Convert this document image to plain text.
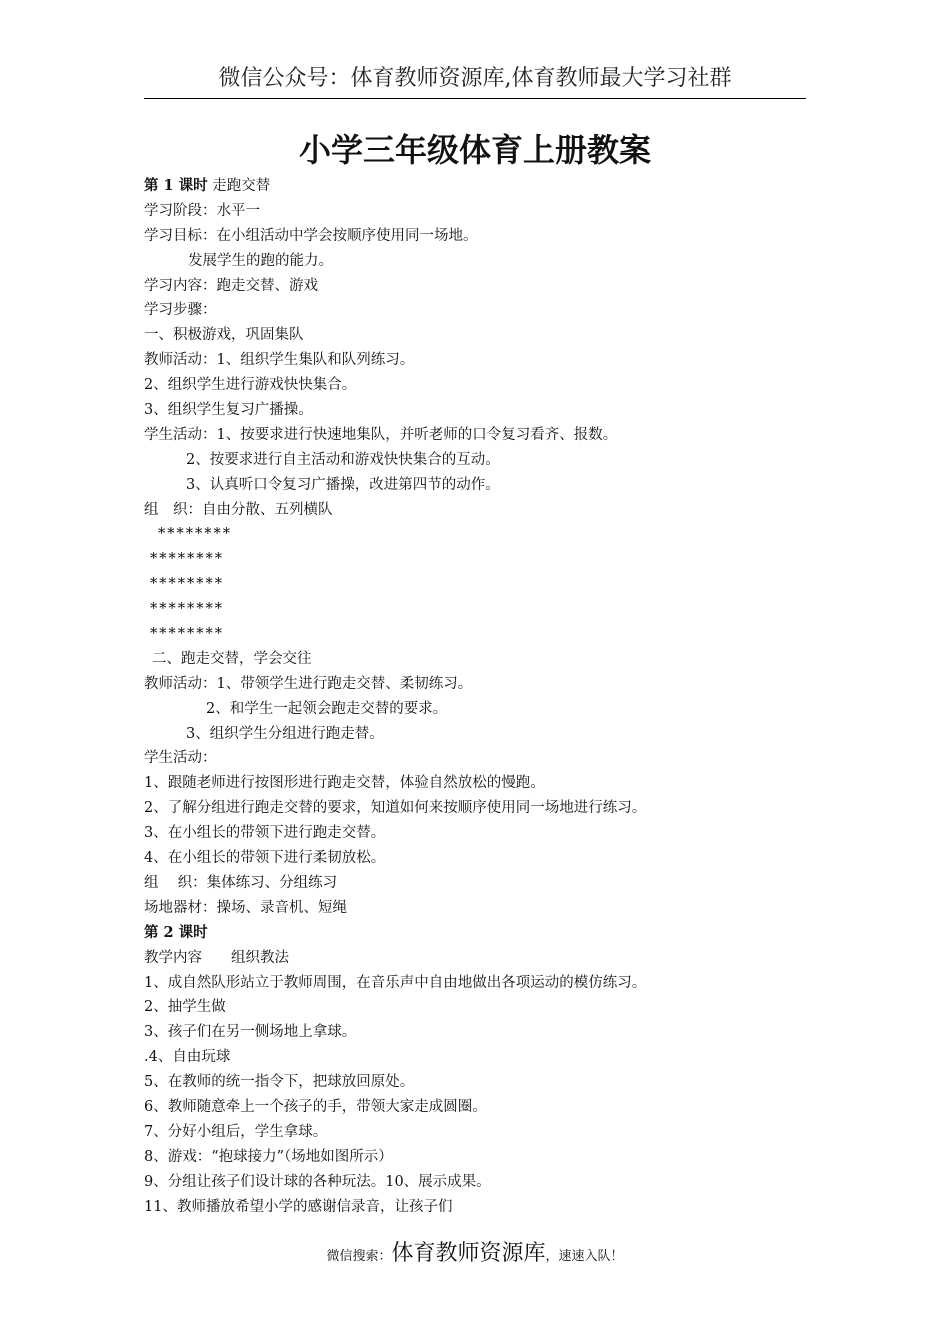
微信公众号：体育教师资源库,体育教师最大学习社群
小学三年级体育上册教案
第 1 课时 走跑交替
学习阶段：水平一
学习目标：在小组活动中学会按顺序使用同一场地。
发展学生的跑的能力。
学习内容：跑走交替、游戏
学习步骤：
一、积极游戏，巩固集队
教师活动：1、组织学生集队和队列练习。
2、组织学生进行游戏快快集合。
3、组织学生复习广播操。
学生活动：1、按要求进行快速地集队，并听老师的口令复习看齐、报数。
2、按要求进行自主活动和游戏快快集合的互动。
3、认真听口令复习广播操，改进第四节的动作。
组　织：自由分散、五列横队
********
********
********
********
********
二、跑走交替，学会交往
教师活动：1、带领学生进行跑走交替、柔韧练习。
2、和学生一起领会跑走交替的要求。
3、组织学生分组进行跑走替。
学生活动：
1、跟随老师进行按图形进行跑走交替，体验自然放松的慢跑。
2、了解分组进行跑走交替的要求，知道如何来按顺序使用同一场地进行练习。
3、在小组长的带领下进行跑走交替。
4、在小组长的带领下进行柔韧放松。
组　 织：集体练习、分组练习
场地器材：操场、录音机、短绳
第 2 课时
教学内容　　组织教法
1、成自然队形站立于教师周围，在音乐声中自由地做出各项运动的模仿练习。
2、抽学生做
3、孩子们在另一侧场地上拿球。
.4、自由玩球
5、在教师的统一指令下，把球放回原处。
6、教师随意牵上一个孩子的手，带领大家走成圆圈。
7、分好小组后，学生拿球。
8、游戏：“抱球接力”（场地如图所示）
9、分组让孩子们设计球的各种玩法。10、展示成果。
11、教师播放希望小学的感谢信录音，让孩子们
微信搜索：体育教师资源库，速速入队！
